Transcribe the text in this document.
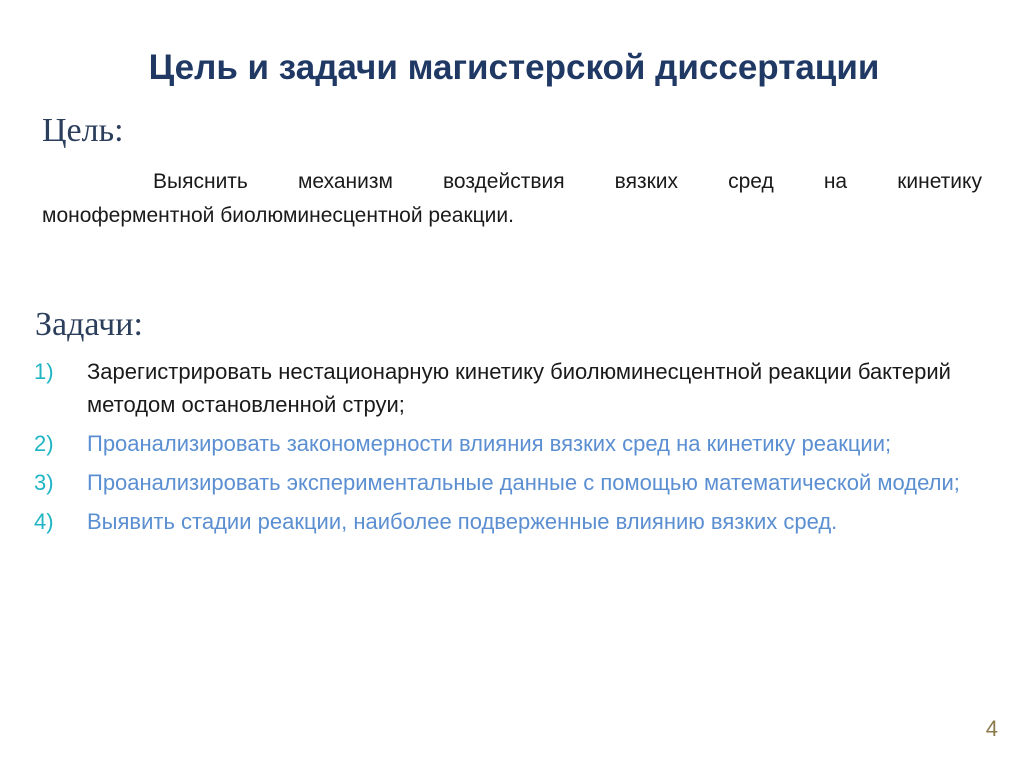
Цель и задачи магистерской диссертации
Цель:
Выяснить механизм воздействия вязких сред на кинетику
моноферментной биолюминесцентной реакции.
Задачи:
1)	Зарегистрировать нестационарную кинетику биолюминесцентной реакции бактерий методом остановленной струи;
2)	Проанализировать закономерности влияния вязких сред на кинетику реакции;
3)	Проанализировать экспериментальные данные с помощью математической модели;
4)	Выявить стадии реакции, наиболее подверженные влиянию вязких сред.
4
